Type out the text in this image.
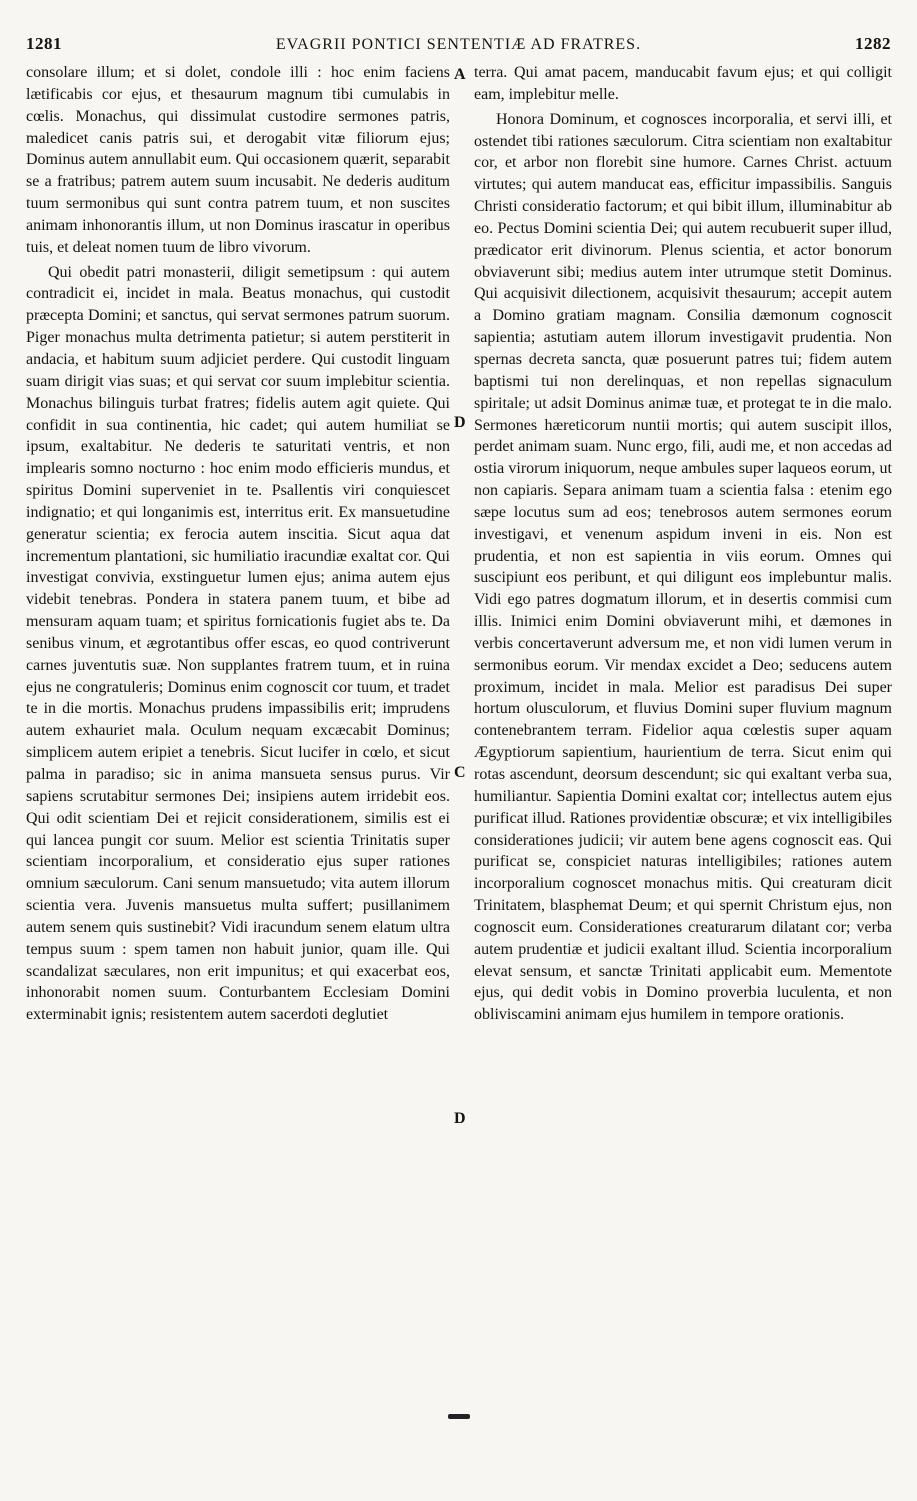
1281	EVAGRII PONTICI SENTENTIÆ AD FRATRES.	1282

consolare illum; et si dolet, condole illi : hoc enim faciens lætificabis cor ejus, et thesaurum magnum tibi cumulabis in cœlis. Monachus, qui dissimulat custodire sermones patris, maledicet canis patris sui, et derogabit vitæ filiorum ejus; Dominus autem annullabit eum. Qui occasionem quærit, separabit se a fratribus; patrem autem suum incusabit. Ne dederis auditum tuum sermonibus qui sunt contra patrem tuum, et non suscites animam inhonorantis illum, ut non Dominus irascatur in operibus tuis, et deleat nomen tuum de libro vivorum.

Qui obedit patri monasterii, diligit semetipsum : qui autem contradicit ei, incidet in mala. Beatus monachus, qui custodit præcepta Domini; et sanctus, qui servat sermones patrum suorum. Piger monachus multa detrimenta patietur; si autem perstiterit in andacia, et habitum suum adjiciet perdere. Qui custodit linguam suam dirigit vias suas; et qui servat cor suum implebitur scientia. Monachus bilinguis turbat fratres; fidelis autem agit quiete. Qui confidit in sua continentia, hic cadet; qui autem humiliat se ipsum, exaltabitur. Ne dederis te saturitati ventris, et non implearis somno nocturno : hoc enim modo efficieris mundus, et spiritus Domini superveniet in te. Psallentis viri conquiescet indignatio; et qui longanimis est, interritus erit. Ex mansuetudine generatur scientia; ex ferocia autem inscitia. Sicut aqua dat incrementum plantationi, sic humiliatio iracundiæ exaltat cor. Qui investigat convivia, exstinguetur lumen ejus; anima autem ejus videbit tenebras. Pondera in statera panem tuum, et bibe ad mensuram aquam tuam; et spiritus fornicationis fugiet abs te. Da senibus vinum, et ægrotantibus offer escas, eo quod contriverunt carnes juventutis suæ. Non supplantes fratrem tuum, et in ruina ejus ne congratuleris; Dominus enim cognoscit cor tuum, et tradet te in die mortis. Monachus prudens impassibilis erit; imprudens autem exhauriet mala. Oculum nequam excæcabit Dominus; simplicem autem eripiet a tenebris. Sicut lucifer in cœlo, et sicut palma in paradiso; sic in anima mansueta sensus purus. Vir sapiens scrutabitur sermones Dei; insipiens autem irridebit eos. Qui odit scientiam Dei et rejicit considerationem, similis est ei qui lancea pungit cor suum. Melior est scientia Trinitatis super scientiam incorporalium, et consideratio ejus super rationes omnium sæculorum. Cani senum mansuetudo; vita autem illorum scientia vera. Juvenis mansuetus multa suffert; pusillanimem autem senem quis sustinebit? Vidi iracundum senem elatum ultra tempus suum : spem tamen non habuit junior, quam ille. Qui scandalizat sæculares, non erit impunitus; et qui exacerbat eos, inhonorabit nomen suum. Conturbantem Ecclesiam Domini exterminabit ignis; resistentem autem sacerdoti deglutiet

terra. Qui amat pacem, manducabit favum ejus; et qui colligit eam, implebitur melle.

Honora Dominum, et cognosces incorporalia, et servi illi, et ostendet tibi rationes sæculorum. Citra scientiam non exaltabitur cor, et arbor non florebit sine humore. Carnes Christ. actuum virtutes; qui autem manducat eas, efficitur impassibilis. Sanguis Christi consideratio factorum; et qui bibit illum, illuminabitur ab eo. Pectus Domini scientia Dei; qui autem recubuerit super illud, prædicator erit divinorum. Plenus scientia, et actor bonorum obviaverunt sibi; medius autem inter utrumque stetit Dominus. Qui acquisivit dilectionem, acquisivit thesaurum; accepit autem a Domino gratiam magnam. Consilia dæmonum cognoscit sapientia; astutiam autem illorum investigavit prudentia. Non spernas decreta sancta, quæ posuerunt patres tui; fidem autem baptismi tui non derelinquas, et non repellas signaculum spiritale; ut adsit Dominus animæ tuæ, et protegat te in die malo. Sermones hæreticorum nuntii mortis; qui autem suscipit illos, perdet animam suam. Nunc ergo, fili, audi me, et non accedas ad ostia virorum iniquorum, neque ambules super laqueos eorum, ut non capiaris. Separa animam tuam a scientia falsa : etenim ego sæpe locutus sum ad eos; tenebrosos autem sermones eorum investigavi, et venenum aspidum inveni in eis. Non est prudentia, et non est sapientia in viis eorum. Omnes qui suscipiunt eos peribunt, et qui diligunt eos implebuntur malis. Vidi ego patres dogmatum illorum, et in desertis commisi cum illis. Inimici enim Domini obviaverunt mihi, et dæmones in verbis concertaverunt adversum me, et non vidi lumen verum in sermonibus eorum. Vir mendax excidet a Deo; seducens autem proximum, incidet in mala. Melior est paradisus Dei super hortum olusculorum, et fluvius Domini super fluvium magnum contenebrantem terram. Fidelior aqua cœlestis super aquam Ægyptiorum sapientium, haurientium de terra. Sicut enim qui rotas ascendunt, deorsum descendunt; sic qui exaltant verba sua, humiliantur. Sapientia Domini exaltat cor; intellectus autem ejus purificat illud. Rationes providentiæ obscuræ; et vix intelligibiles considerationes judicii; vir autem bene agens cognoscit eas. Qui purificat se, conspiciet naturas intelligibiles; rationes autem incorporalium cognoscet monachus mitis. Qui creaturam dicit Trinitatem, blasphemat Deum; et qui spernit Christum ejus, non cognoscit eum. Considerationes creaturarum dilatant cor; verba autem prudentiæ et judicii exaltant illud. Scientia incorporalium elevat sensum, et sanctæ Trinitati applicabit eum. Mementote ejus, qui dedit vobis in Domino proverbia luculenta, et non obliviscamini animam ejus humilem in tempore orationis.

A
D
C
D
